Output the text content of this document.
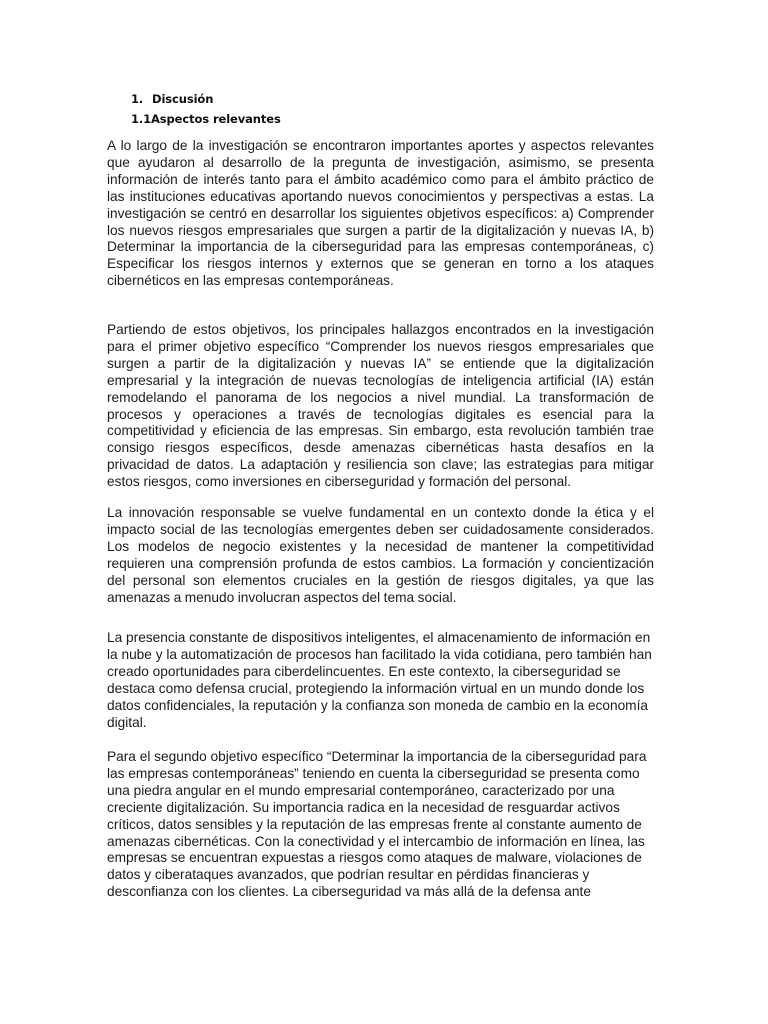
1. Discusión
1.1Aspectos relevantes

A lo largo de la investigación se encontraron importantes aportes y aspectos relevantes que ayudaron al desarrollo de la pregunta de investigación, asimismo, se presenta información de interés tanto para el ámbito académico como para el ámbito práctico de las instituciones educativas aportando nuevos conocimientos y perspectivas a estas. La investigación se centró en desarrollar los siguientes objetivos específicos: a) Comprender los nuevos riesgos empresariales que surgen a partir de la digitalización y nuevas IA, b) Determinar la importancia de la ciberseguridad para las empresas contemporáneas, c) Especificar los riesgos internos y externos que se generan en torno a los ataques cibernéticos en las empresas contemporáneas.

Partiendo de estos objetivos, los principales hallazgos encontrados en la investigación para el primer objetivo específico “Comprender los nuevos riesgos empresariales que surgen a partir de la digitalización y nuevas IA” se entiende que la digitalización empresarial y la integración de nuevas tecnologías de inteligencia artificial (IA) están remodelando el panorama de los negocios a nivel mundial. La transformación de procesos y operaciones a través de tecnologías digitales es esencial para la competitividad y eficiencia de las empresas. Sin embargo, esta revolución también trae consigo riesgos específicos, desde amenazas cibernéticas hasta desafíos en la privacidad de datos. La adaptación y resiliencia son clave; las estrategias para mitigar estos riesgos, como inversiones en ciberseguridad y formación del personal.

La innovación responsable se vuelve fundamental en un contexto donde la ética y el impacto social de las tecnologías emergentes deben ser cuidadosamente considerados. Los modelos de negocio existentes y la necesidad de mantener la competitividad requieren una comprensión profunda de estos cambios. La formación y concientización del personal son elementos cruciales en la gestión de riesgos digitales, ya que las amenazas a menudo involucran aspectos del tema social.

La presencia constante de dispositivos inteligentes, el almacenamiento de información en la nube y la automatización de procesos han facilitado la vida cotidiana, pero también han creado oportunidades para ciberdelincuentes. En este contexto, la ciberseguridad se destaca como defensa crucial, protegiendo la información virtual en un mundo donde los datos confidenciales, la reputación y la confianza son moneda de cambio en la economía digital.

Para el segundo objetivo específico “Determinar la importancia de la ciberseguridad para las empresas contemporáneas” teniendo en cuenta la ciberseguridad se presenta como una piedra angular en el mundo empresarial contemporáneo, caracterizado por una creciente digitalización. Su importancia radica en la necesidad de resguardar activos críticos, datos sensibles y la reputación de las empresas frente al constante aumento de amenazas cibernéticas. Con la conectividad y el intercambio de información en línea, las empresas se encuentran expuestas a riesgos como ataques de malware, violaciones de datos y ciberataques avanzados, que podrían resultar en pérdidas financieras y desconfianza con los clientes. La ciberseguridad va más allá de la defensa ante
